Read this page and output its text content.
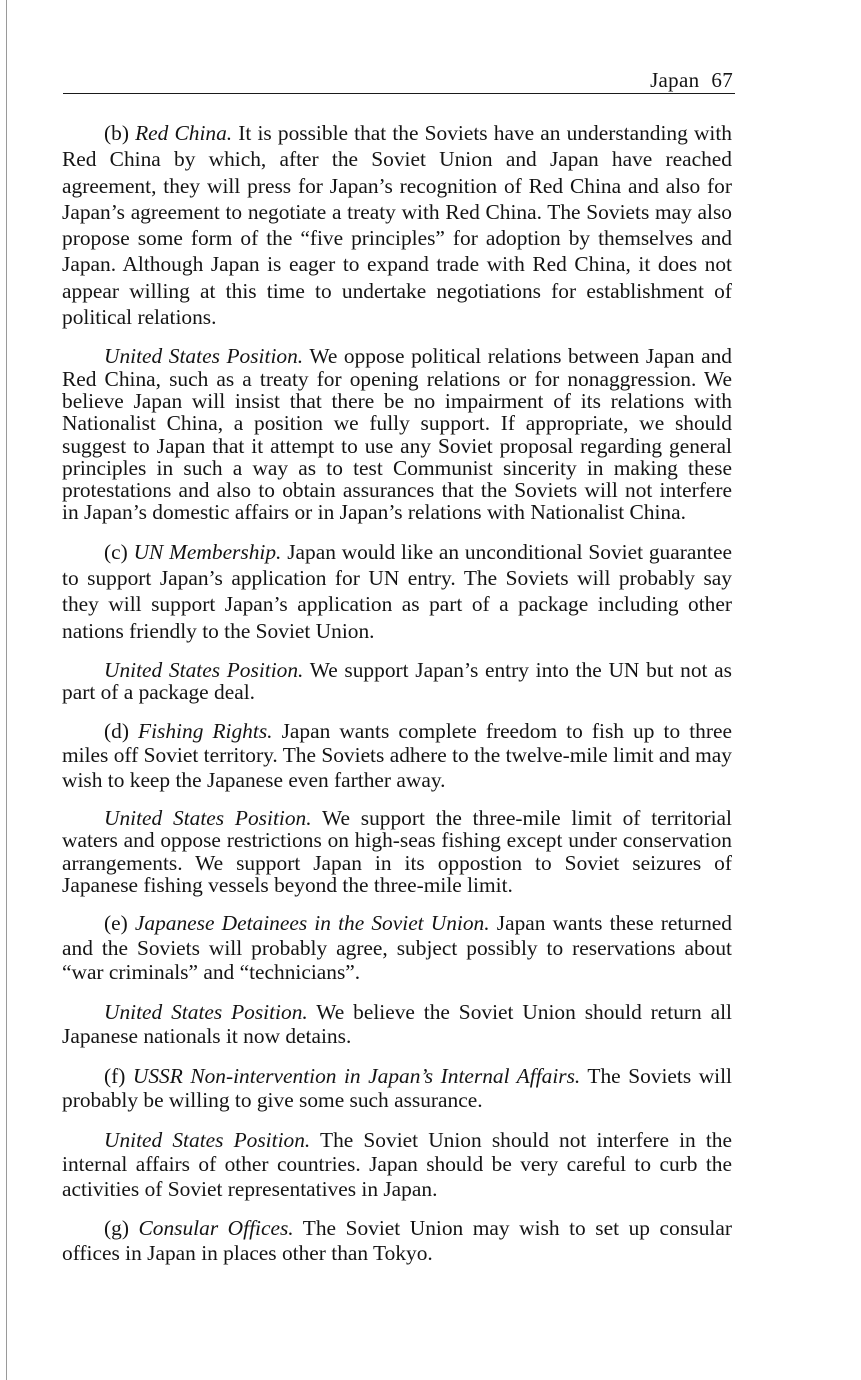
Japan 67

(b) Red China. It is possible that the Soviets have an understanding with Red China by which, after the Soviet Union and Japan have reached agreement, they will press for Japan’s recognition of Red China and also for Japan’s agreement to negotiate a treaty with Red China. The Soviets may also propose some form of the “five principles” for adoption by themselves and Japan. Although Japan is eager to expand trade with Red China, it does not appear willing at this time to undertake negotiations for establishment of political relations.

United States Position. We oppose political relations between Japan and Red China, such as a treaty for opening relations or for nonaggression. We believe Japan will insist that there be no impairment of its relations with Nationalist China, a position we fully support. If appropriate, we should suggest to Japan that it attempt to use any Soviet proposal regarding general principles in such a way as to test Communist sincerity in making these protestations and also to obtain assurances that the Soviets will not interfere in Japan’s domestic affairs or in Japan’s relations with Nationalist China.

(c) UN Membership. Japan would like an unconditional Soviet guarantee to support Japan’s application for UN entry. The Soviets will probably say they will support Japan’s application as part of a package including other nations friendly to the Soviet Union.

United States Position. We support Japan’s entry into the UN but not as part of a package deal.

(d) Fishing Rights. Japan wants complete freedom to fish up to three miles off Soviet territory. The Soviets adhere to the twelve-mile limit and may wish to keep the Japanese even farther away.

United States Position. We support the three-mile limit of territorial waters and oppose restrictions on high-seas fishing except under conservation arrangements. We support Japan in its oppostion to Soviet seizures of Japanese fishing vessels beyond the three-mile limit.

(e) Japanese Detainees in the Soviet Union. Japan wants these returned and the Soviets will probably agree, subject possibly to reservations about “war criminals” and “technicians”.

United States Position. We believe the Soviet Union should return all Japanese nationals it now detains.

(f) USSR Non-intervention in Japan’s Internal Affairs. The Soviets will probably be willing to give some such assurance.

United States Position. The Soviet Union should not interfere in the internal affairs of other countries. Japan should be very careful to curb the activities of Soviet representatives in Japan.

(g) Consular Offices. The Soviet Union may wish to set up consular offices in Japan in places other than Tokyo.
